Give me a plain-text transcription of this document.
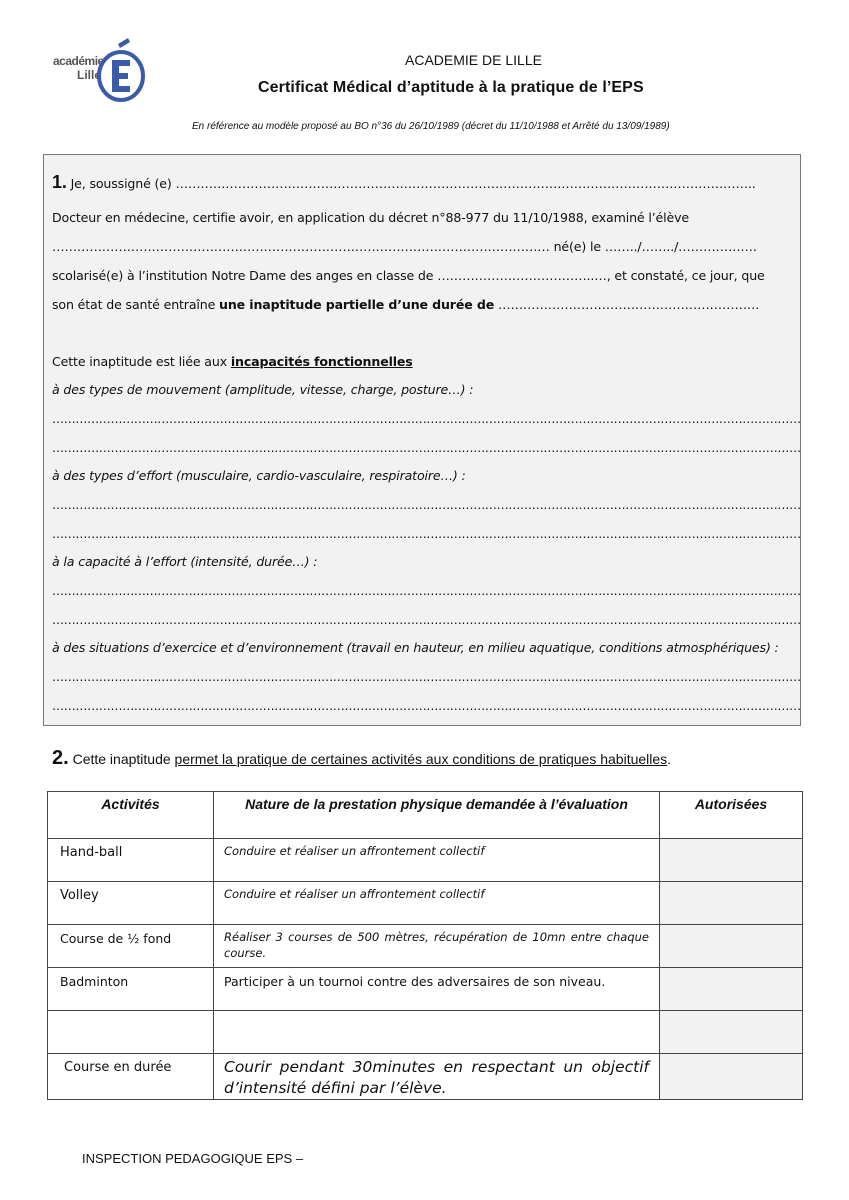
académie
Lille
ACADEMIE DE LILLE
Certificat Médical d’aptitude à la pratique de l’EPS
En référence au modèle proposé au BO n°36 du 26/10/1989 (décret du 11/10/1988 et Arrêté du 13/09/1989)
1. Je, soussigné (e) …………………………………………………………………………………………………………………………..
Docteur en médecine, certifie avoir, en application du décret n°88-977 du 11/10/1988, examiné l’élève
………………………………………………………………………………………………………… né(e) le ……../……../……………….
scolarisé(e) à l’institution Notre Dame des anges en classe de ………………………………..…, et constaté, ce jour, que
son état de santé entraîne une inaptitude partielle d’une durée de ………………………………………………………
Cette inaptitude est liée aux incapacités fonctionnelles
à des types de mouvement (amplitude, vitesse, charge, posture…) :
…………………………………………………………………………………………………………………………………………………………………………
…………………………………………………………………………………………………………………………………………………………………………
à des types d’effort (musculaire, cardio-vasculaire, respiratoire…) :
…………………………………………………………………………………………………………………………………………………………………………
…………………………………………………………………………………………………………………………………………………………………………
à la capacité à l’effort (intensité, durée…) :
…………………………………………………………………………………………………………………………………………………………………………
…………………………………………………………………………………………………………………………………………………………………………
à des situations d’exercice et d’environnement (travail en hauteur, en milieu aquatique, conditions atmosphériques) :
…………………………………………………………………………………………………………………………………………………………………………
…………………………………………………………………………………………………………………………………………………………………………
2. Cette inaptitude permet la pratique de certaines activités aux conditions de pratiques habituelles.
Activités	Nature de la prestation physique demandée à l’évaluation	Autorisées
Hand-ball	Conduire et réaliser un affrontement collectif	
Volley	Conduire et réaliser un affrontement collectif	
Course de ½ fond	Réaliser 3 courses de 500 mètres, récupération de 10mn entre chaque course.	
Badminton	Participer à un tournoi contre des adversaires de son niveau.	

Course en durée	Courir pendant 30minutes en respectant un objectif d’intensité défini par l’élève.	
INSPECTION PEDAGOGIQUE EPS –
